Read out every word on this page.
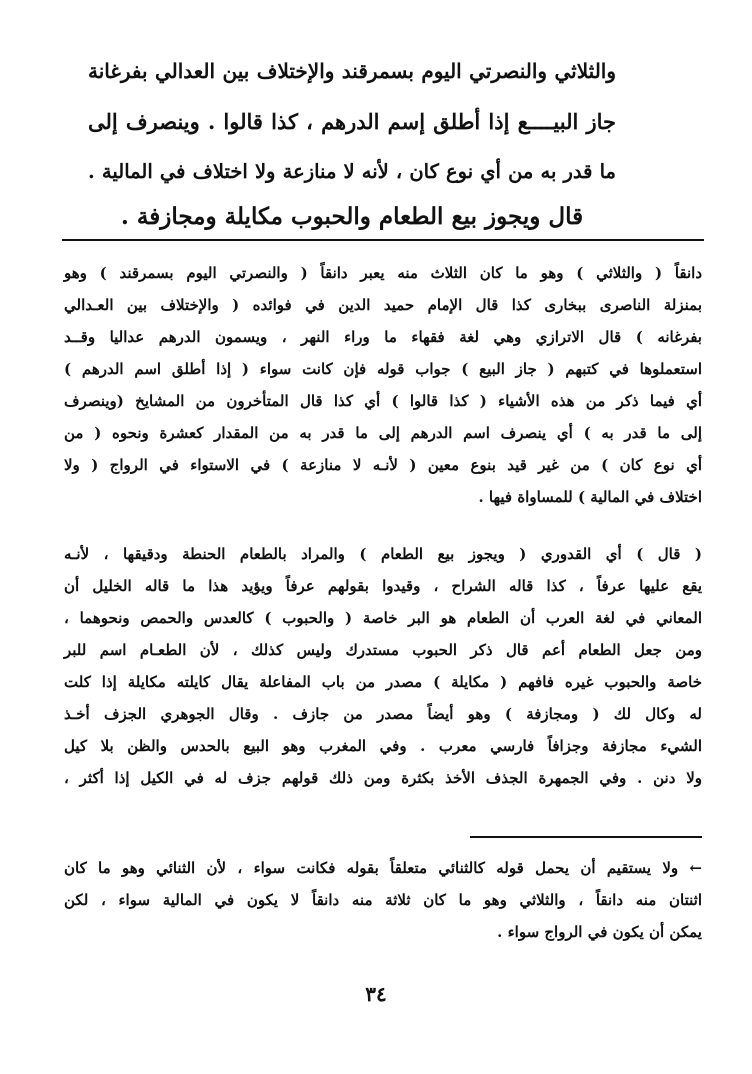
والثلاثي والنصرتي اليوم بسمرقند والإختلاف بين العدالي بفرغانة
جاز البيــــع إذا أطلق إسم الدرهم ، كذا قالوا . وينصرف إلى
ما قدر به من أي نوع كان ، لأنه لا منازعة ولا اختلاف في المالية .
قال ويجوز بيع الطعام والحبوب مكايلة ومجازفة .
دانقاً ( والثلاثي ) وهو ما كان الثلاث منه يعبر دانقاً ( والنصرتي اليوم بسمرقند ) وهو
بمنزلة الناصرى ببخارى كذا قال الإمام حميد الدين في فوائده ( والإختلاف بين العـدالي
بفرغانه ) قال الاترازي وهي لغة فقهاء ما وراء النهر ، ويسمون الدرهم عداليا وقــد
استعملوها في كتبهم ( جاز البيع ) جواب قوله فإن كانت سواء ( إذا أطلق اسم الدرهم )
أي فيما ذكر من هذه الأشياء ( كذا قالوا ) أي كذا قال المتأخرون من المشايخ (وينصرف
إلى ما قدر به ) أي ينصرف اسم الدرهم إلى ما قدر به من المقدار كعشرة ونحوه ( من
أي نوع كان ) من غير قيد بنوع معين ( لأنـه لا منازعة ) في الاستواء في الرواج ( ولا
اختلاف في المالية ) للمساواة فيها .
( قال ) أي القدوري ( ويجوز بيع الطعام ) والمراد بالطعام الحنطة ودقيقها ، لأنـه
يقع عليها عرفاً ، كذا قاله الشراح ، وقيدوا بقولهم عرفاً ويؤيد هذا ما قاله الخليل أن
المعاني في لغة العرب أن الطعام هو البر خاصة ( والحبوب ) كالعدس والحمص ونحوهما ،
ومن جعل الطعام أعم قال ذكر الحبوب مستدرك وليس كذلك ، لأن الطعـام اسم للبر
خاصة والحبوب غيره فافهم ( مكايلة ) مصدر من باب المفاعلة يقال كايلته مكايلة إذا كلت
له وكال لك ( ومجازفة ) وهو أيضاً مصدر من جازف . وقال الجوهري الجزف أخـذ
الشيء مجازفة وجزافاً فارسي معرب . وفي المغرب وهو البيع بالحدس والظن بلا كيل
ولا دنن . وفي الجمهرة الجذف الأخذ بكثرة ومن ذلك قولهم جزف له في الكيل إذا أكثر ،
← ولا يستقيم أن يحمل قوله كالثنائي متعلقاً بقوله فكانت سواء ، لأن الثنائي وهو ما كان
اثنتان منه دانقاً ، والثلاثي وهو ما كان ثلاثة منه دانقاً لا يكون في المالية سواء ، لكن
يمكن أن يكون في الرواج سواء .
٣٤
